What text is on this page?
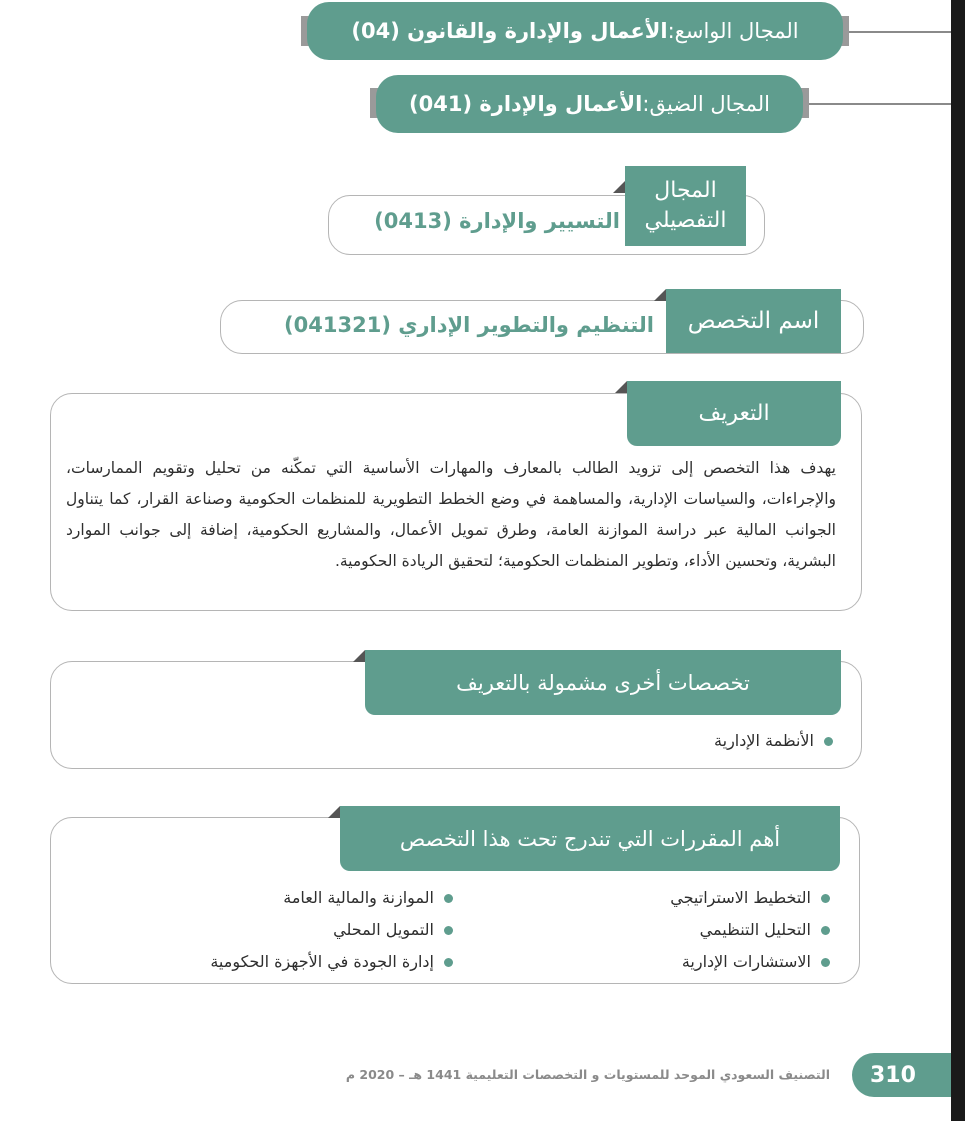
المجال الواسع:
الأعمال والإدارة والقانون (04)
المجال الضيق:
الأعمال والإدارة (041)
المجال التفصيلي
التسيير والإدارة (0413)
اسم التخصص
التنظيم والتطوير الإداري (041321)
التعريف
يهدف هذا التخصص إلى تزويد الطالب بالمعارف والمهارات الأساسية التي تمكّنه من تحليل وتقويم الممارسات، والإجراءات، والسياسات الإدارية، والمساهمة في وضع الخطط التطويرية للمنظمات الحكومية وصناعة القرار، كما يتناول الجوانب المالية عبر دراسة الموازنة العامة، وطرق تمويل الأعمال، والمشاريع الحكومية، إضافة إلى جوانب الموارد البشرية، وتحسين الأداء، وتطوير المنظمات الحكومية؛ لتحقيق الريادة الحكومية.
تخصصات أخرى مشمولة بالتعريف
الأنظمة الإدارية
أهم المقررات التي تندرج تحت هذا التخصص
التخطيط الاستراتيجي
التحليل التنظيمي
الاستشارات الإدارية
الموازنة والمالية العامة
التمويل المحلي
إدارة الجودة في الأجهزة الحكومية
310
التصنيف السعودي الموحد للمستويات و التخصصات التعليمية 1441 هـ – 2020 م
